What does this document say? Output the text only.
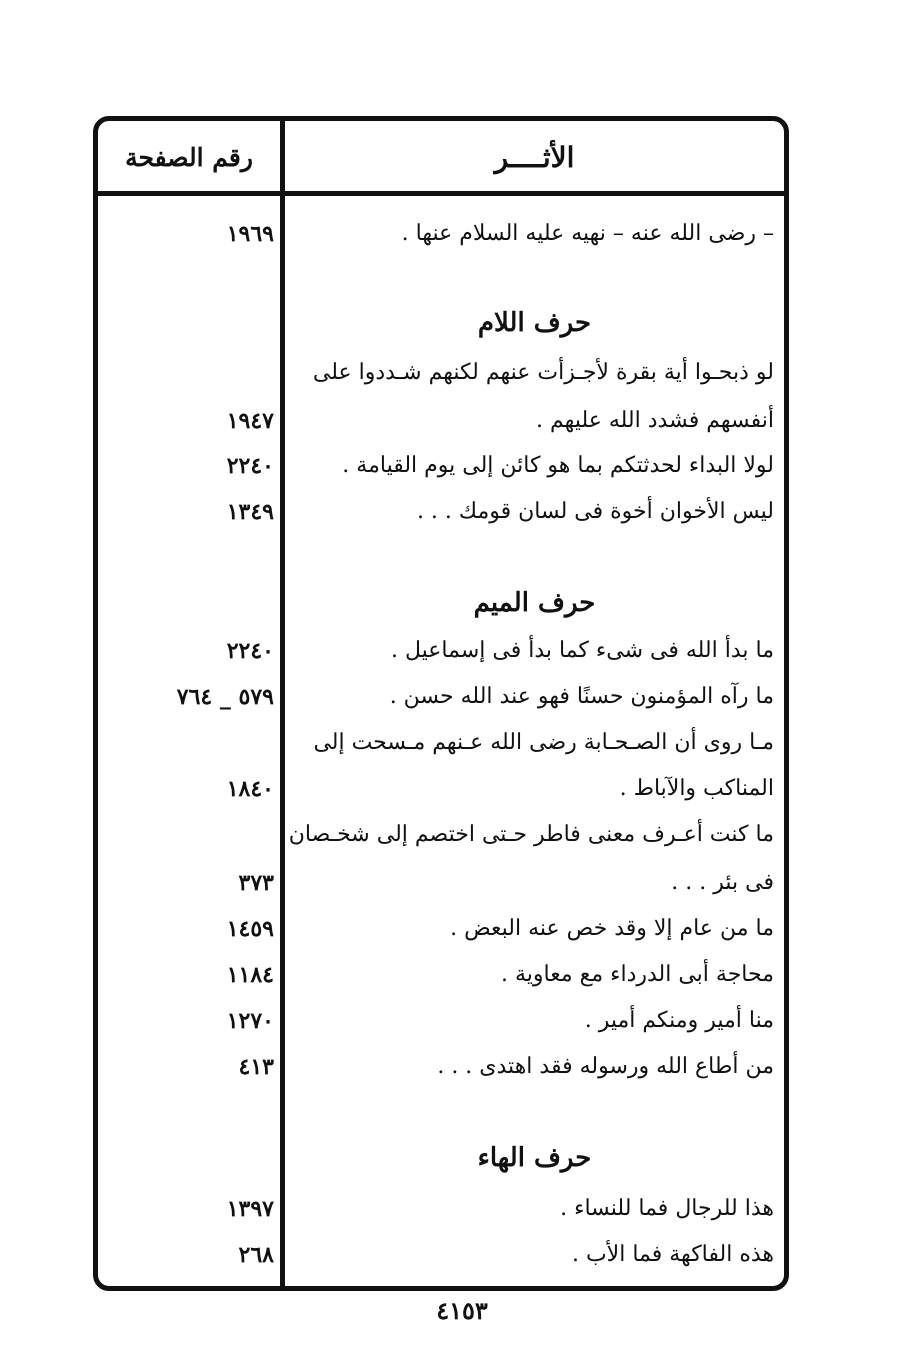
الأثــــر
رقم الصفحة
– رضى الله عنه – نهيه عليه السلام عنها .
١٩٦٩
حرف اللام
لو ذبحـوا أية بقرة لأجـزأت عنهم لكنهم شـددوا على
أنفسهم فشدد الله عليهم .
١٩٤٧
لولا البداء لحدثتكم بما هو كائن إلى يوم القيامة .
٢٢٤٠
ليس الأخوان أخوة فى لسان قومك . . .
١٣٤٩
حرف الميم
ما بدأ الله فى شىء كما بدأ فى إسماعيل .
٢٢٤٠
ما رآه المؤمنون حسنًا فهو عند الله حسن .
٥٧٩ _ ٧٦٤
مـا روى أن الصـحـابة رضى الله عـنهم مـسحت إلى
المناكب والآباط .
١٨٤٠
ما كنت أعـرف معنى فاطر حـتى اختصم إلى شخـصان
فى بئر . . .
٣٧٣
ما من عام إلا وقد خص عنه البعض .
١٤٥٩
محاجة أبى الدرداء مع معاوية .
١١٨٤
منا أمير ومنكم أمير .
١٢٧٠
من أطاع الله ورسوله فقد اهتدى . . .
٤١٣
حرف الهاء
هذا للرجال فما للنساء .
١٣٩٧
هذه الفاكهة فما الأب .
٢٦٨
٤١٥٣
